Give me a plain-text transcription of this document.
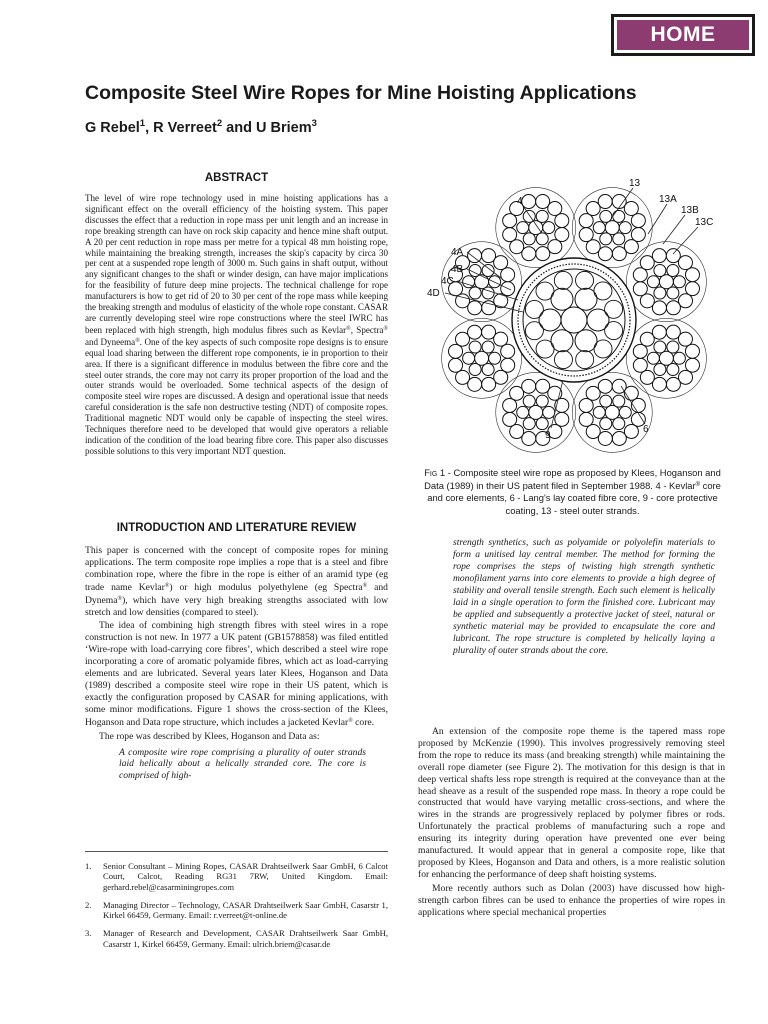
HOME
Composite Steel Wire Ropes for Mine Hoisting Applications

G Rebel$^1$, R Verreet$^2$ and U Briem$^3$

ABSTRACT

The level of wire rope technology used in mine hoisting applications has a significant effect on the overall efficiency of the hoisting system. This paper discusses the effect that a reduction in rope mass per unit length and an increase in rope breaking strength can have on rock skip capacity and hence mine shaft output. A 20 per cent reduction in rope mass per metre for a typical 48 mm hoisting rope, while maintaining the breaking strength, increases the skip's capacity by circa 30 per cent at a suspended rope length of 3000 m. Such gains in shaft output, without any significant changes to the shaft or winder design, can have major implications for the feasibility of future deep mine projects. The technical challenge for rope manufacturers is how to get rid of 20 to 30 per cent of the rope mass while keeping the breaking strength and modulus of elasticity of the whole rope constant. CASAR are currently developing steel wire rope constructions where the steel IWRC has been replaced with high strength, high modulus fibres such as Kevlar®, Spectra® and Dyneema®. One of the key aspects of such composite rope designs is to ensure equal load sharing between the different rope components, ie in proportion to their area. If there is a significant difference in modulus between the fibre core and the steel outer strands, the core may not carry its proper proportion of the load and the outer strands would be overloaded. Some technical aspects of the design of composite steel wire ropes are discussed. A design and operational issue that needs careful consideration is the safe non destructive testing (NDT) of composite ropes. Traditional magnetic NDT would only be capable of inspecting the steel wires. Techniques therefore need to be developed that would give operators a reliable indication of the condition of the load bearing fibre core. This paper also discusses possible solutions to this very important NDT question.

INTRODUCTION AND LITERATURE REVIEW

This paper is concerned with the concept of composite ropes for mining applications. The term composite rope implies a rope that is a steel and fibre combination rope, where the fibre in the rope is either of an aramid type (eg trade name Kevlar®) or high modulus polyethylene (eg Spectra® and Dynema®), which have very high breaking strengths associated with low stretch and low densities (compared to steel).

The idea of combining high strength fibres with steel wires in a rope construction is not new. In 1977 a UK patent (GB1578858) was filed entitled ‘Wire-rope with load-carrying core fibres’, which described a steel wire rope incorporating a core of aromatic polyamide fibres, which act as load-carrying elements and are lubricated. Several years later Klees, Hoganson and Data (1989) described a composite steel wire rope in their US patent, which is exactly the configuration proposed by CASAR for mining applications, with some minor modifications. Figure 1 shows the cross-section of the Klees, Hoganson and Data rope structure, which includes a jacketed Kevlar® core.

The rope was described by Klees, Hoganson and Data as:

A composite wire rope comprising a plurality of outer strands laid helically about a helically stranded core. The core is comprised of high-

1.	Senior Consultant – Mining Ropes, CASAR Drahtseilwerk Saar GmbH, 6 Calcot Court, Calcot, Reading RG31 7RW, United Kingdom. Email: gerhard.rebel@casarminingropes.com
2.	Managing Director – Technology, CASAR Drahtseilwerk Saar GmbH, Casarstr 1, Kirkel 66459, Germany. Email: r.verreet@t-online.de
3.	Manager of Research and Development, CASAR Drahtseilwerk Saar GmbH, Casarstr 1, Kirkel 66459, Germany. Email: ulrich.briem@casar.de
13
4	13A
13B
13C
4A
4B
4C
4D
9
6

Fig 1 - Composite steel wire rope as proposed by Klees, Hoganson and Data (1989) in their US patent filed in September 1988. 4 - Kevlar® core and core elements, 6 - Lang's lay coated fibre core, 9 - core protective coating, 13 - steel outer strands.

strength synthetics, such as polyamide or polyolefin materials to form a unitised lay central member. The method for forming the rope comprises the steps of twisting high strength synthetic monofilament yarns into core elements to provide a high degree of stability and overall tensile strength. Each such element is helically laid in a single operation to form the finished core. Lubricant may be applied and subsequently a protective jacket of steel, natural or synthetic material may be provided to encapsulate the core and lubricant. The rope structure is completed by helically laying a plurality of outer strands about the core.

An extension of the composite rope theme is the tapered mass rope proposed by McKenzie (1990). This involves progressively removing steel from the rope to reduce its mass (and breaking strength) while maintaining the overall rope diameter (see Figure 2). The motivation for this design is that in deep vertical shafts less rope strength is required at the conveyance than at the head sheave as a result of the suspended rope mass. In theory a rope could be constructed that would have varying metallic cross-sections, and where the wires in the strands are progressively replaced by polymer fibres or rods. Unfortunately the practical problems of manufacturing such a rope and ensuring its integrity during operation have prevented one ever being manufactured. It would appear that in general a composite rope, like that proposed by Klees, Hoganson and Data and others, is a more realistic solution for enhancing the performance of deep shaft hoisting systems.

More recently authors such as Dolan (2003) have discussed how high-strength carbon fibres can be used to enhance the properties of wire ropes in applications where special mechanical properties
